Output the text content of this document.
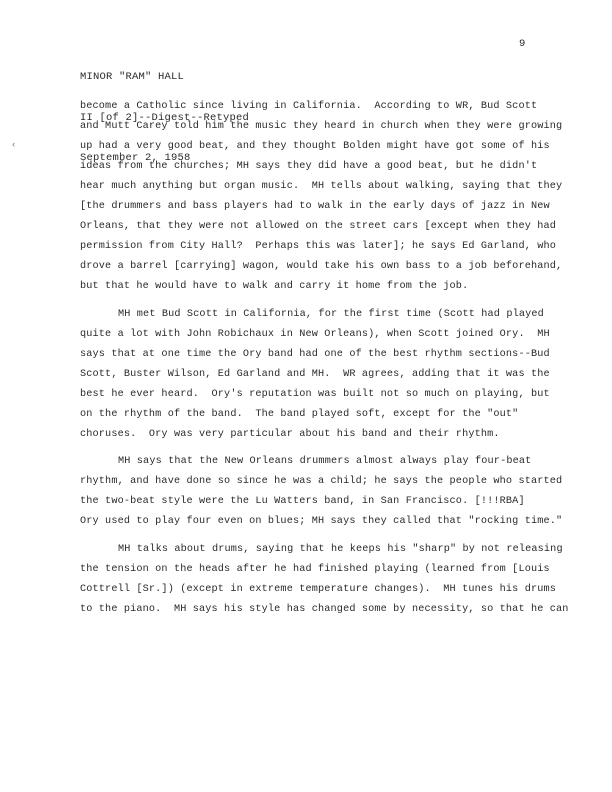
MINOR "RAM" HALL

II [of 2]--Digest--Retyped

September 2, 1958

9
‹
become a Catholic since living in California.  According to WR, Bud Scott
and Mutt Carey told him the music they heard in church when they were growing
up had a very good beat, and they thought Bolden might have got some of his
ideas from the churches; MH says they did have a good beat, but he didn't
hear much anything but organ music.  MH tells about walking, saying that they
[the drummers and bass players had to walk in the early days of jazz in New
Orleans, that they were not allowed on the street cars [except when they had
permission from City Hall?  Perhaps this was later]; he says Ed Garland, who
drove a barrel [carrying] wagon, would take his own bass to a job beforehand,
but that he would have to walk and carry it home from the job.
MH met Bud Scott in California, for the first time (Scott had played
quite a lot with John Robichaux in New Orleans), when Scott joined Ory.  MH
says that at one time the Ory band had one of the best rhythm sections--Bud
Scott, Buster Wilson, Ed Garland and MH.  WR agrees, adding that it was the
best he ever heard.  Ory's reputation was built not so much on playing, but
on the rhythm of the band.  The band played soft, except for the "out"
choruses.  Ory was very particular about his band and their rhythm.
MH says that the New Orleans drummers almost always play four-beat
rhythm, and have done so since he was a child; he says the people who started
the two-beat style were the Lu Watters band, in San Francisco. [!!!RBA]
Ory used to play four even on blues; MH says they called that "rocking time."
MH talks about drums, saying that he keeps his "sharp" by not releasing
the tension on the heads after he had finished playing (learned from [Louis
Cottrell [Sr.]) (except in extreme temperature changes).  MH tunes his drums
to the piano.  MH says his style has changed some by necessity, so that he can
